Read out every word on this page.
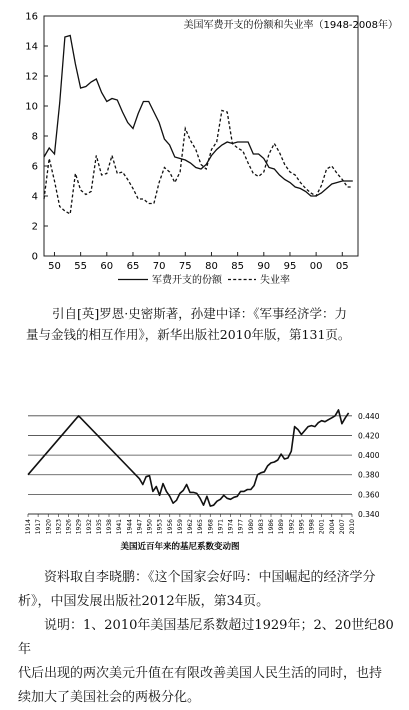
美国军费开支的份额和失业率（1948-2008年）
0
2
4
6
8
10
12
14
16
50 55 60 65 70 75 80 85 90 95 00 05
军费开支的份额	失业率
引自[英]罗恩·史密斯著，孙建中译：《军事经济学：力
量与金钱的相互作用》，新华出版社2010年版，第131页。
0.340
0.360
0.380
0.400
0.420
0.440
1914 1917 1920 1923 1926 1929 1932 1935 1938 1941 1944 1947 1950 1953 1956 1959 1962 1965 1968 1971 1974 1977 1980 1983 1986 1989 1992 1995 1998 2001 2004 2007 2010
美国近百年来的基尼系数变动图
资料取自李晓鹏：《这个国家会好吗：中国崛起的经济学分
析》，中国发展出版社2012年版，第34页。
说明：1、2010年美国基尼系数超过1929年；2、20世纪80年
代后出现的两次美元升值在有限改善美国人民生活的同时，也持
续加大了美国社会的两极分化。
